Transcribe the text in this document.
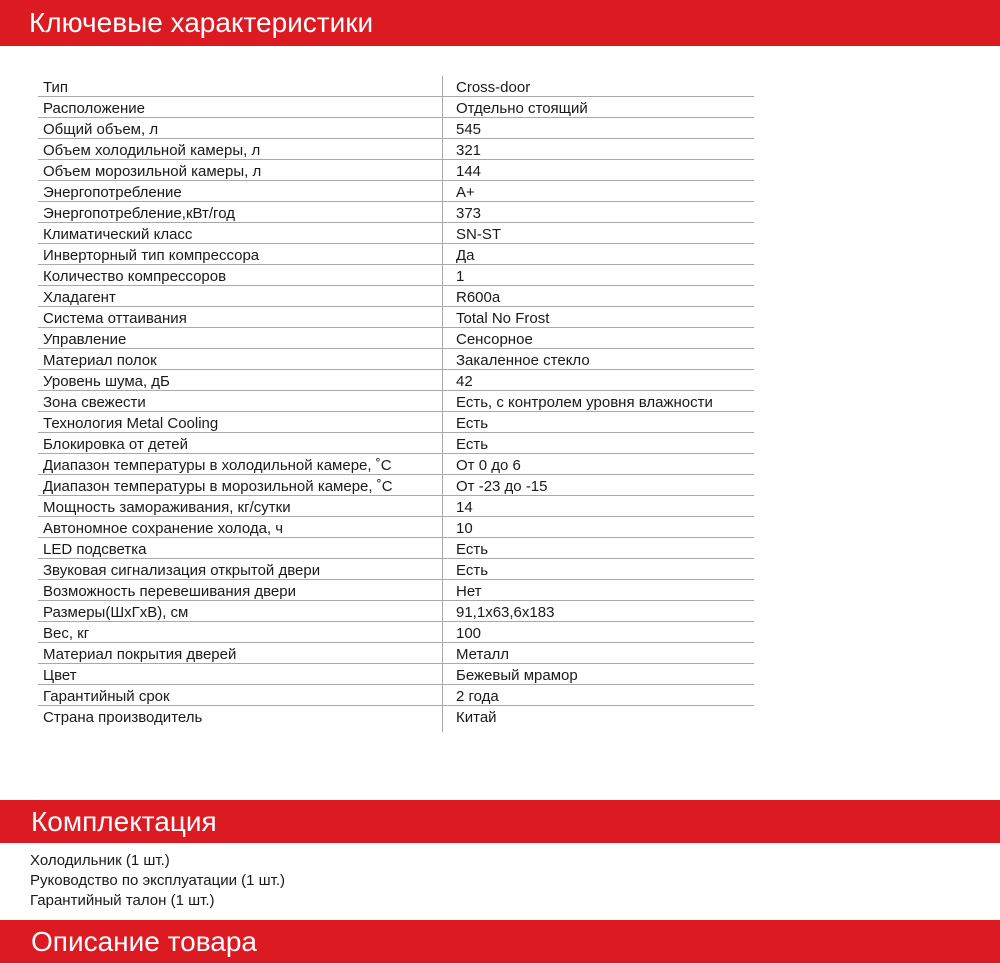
Ключевые характеристики
Тип	Cross-door
Расположение	Отдельно стоящий
Общий объем, л	545
Объем холодильной камеры, л	321
Объем морозильной камеры, л	144
Энергопотребление	A+
Энергопотребление,кВт/год	373
Климатический класс	SN-ST
Инверторный тип компрессора	Да
Количество компрессоров	1
Хладагент	R600a
Система оттаивания	Total No Frost
Управление	Сенсорное
Материал полок	Закаленное стекло
Уровень шума, дБ	42
Зона свежести	Есть, с контролем уровня влажности
Технология Metal Cooling	Есть
Блокировка от детей	Есть
Диапазон температуры в холодильной камере, ˚С	От 0 до 6
Диапазон температуры в морозильной камере, ˚С	От -23 до -15
Мощность замораживания, кг/сутки	14
Автономное сохранение холода, ч	10
LED подсветка	Есть
Звуковая сигнализация открытой двери	Есть
Возможность перевешивания двери	Нет
Размеры(ШхГхВ), см	91,1х63,6х183
Вес, кг	100
Материал покрытия дверей	Металл
Цвет	Бежевый мрамор
Гарантийный срок	2 года
Страна производитель	Китай
Комплектация
Холодильник (1 шт.)
Руководство по эксплуатации (1 шт.)
Гарантийный талон (1 шт.)
Описание товара
